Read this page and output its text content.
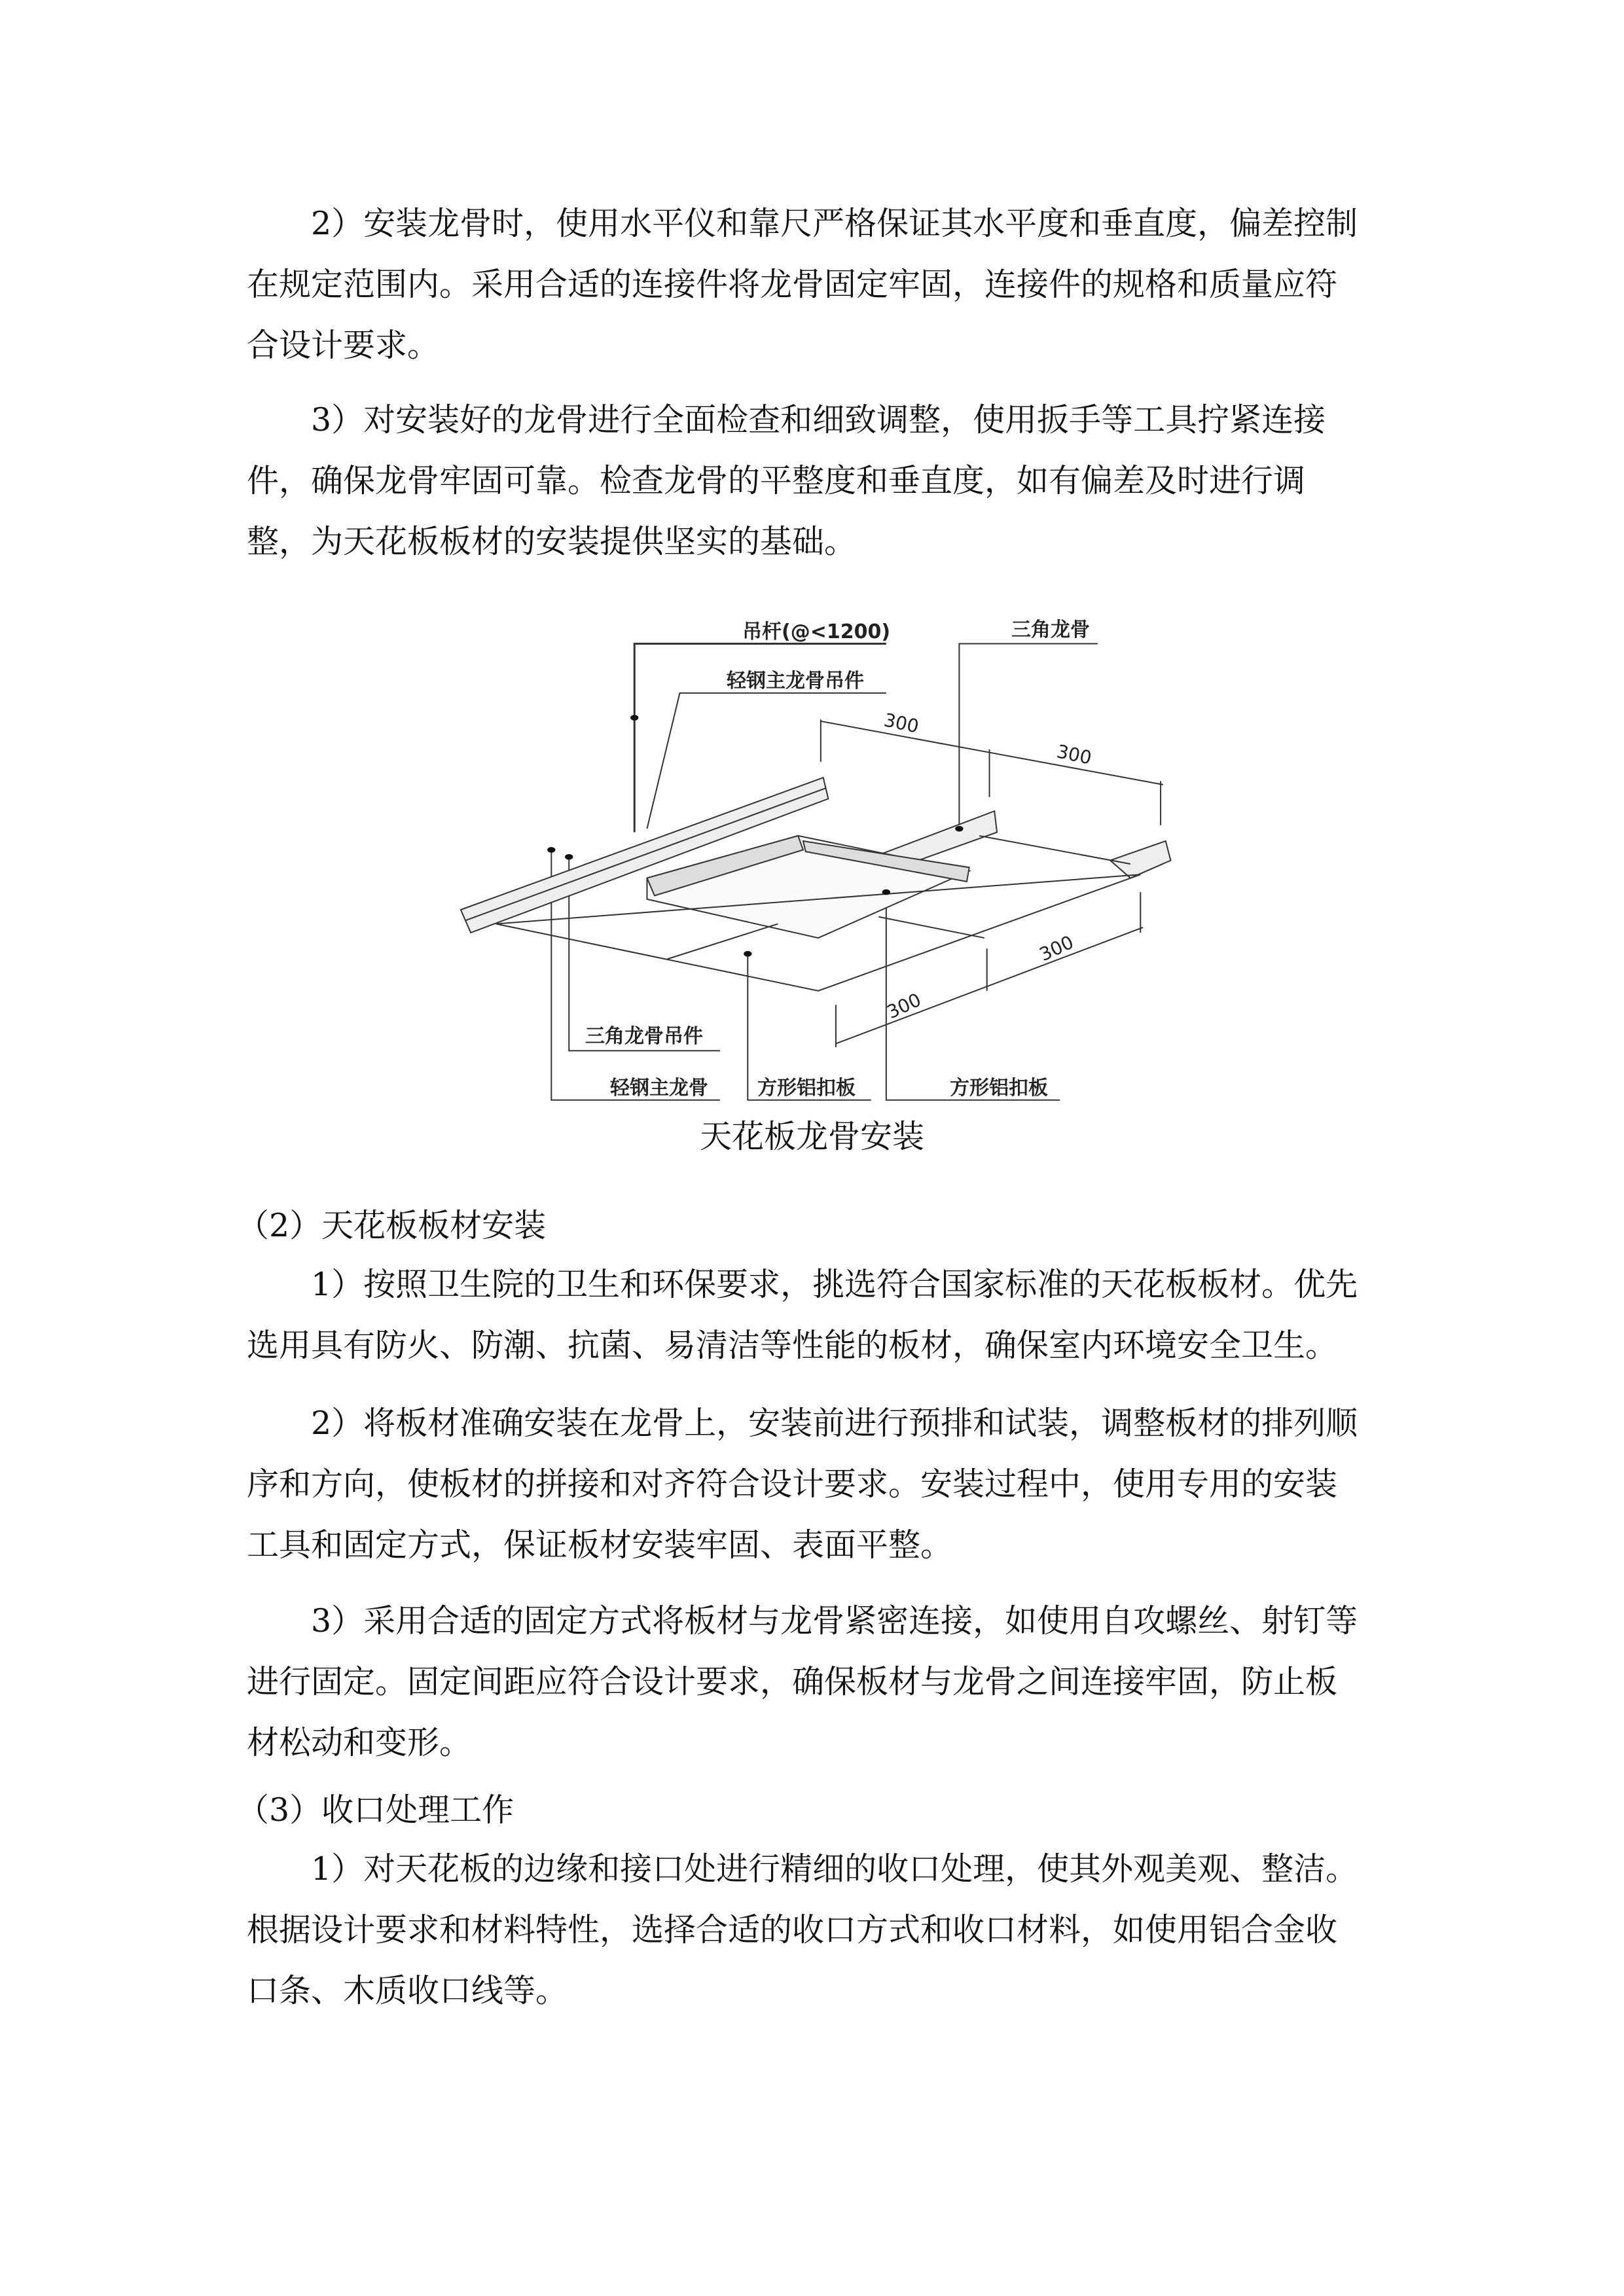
2）安装龙骨时，使用水平仪和靠尺严格保证其水平度和垂直度，偏差控制
在规定范围内。采用合适的连接件将龙骨固定牢固，连接件的规格和质量应符
合设计要求。
3）对安装好的龙骨进行全面检查和细致调整，使用扳手等工具拧紧连接
件，确保龙骨牢固可靠。检查龙骨的平整度和垂直度，如有偏差及时进行调
整，为天花板板材的安装提供坚实的基础。
吊杆(@<1200)
轻钢主龙骨吊件
三角龙骨
三角龙骨吊件
轻钢主龙骨	方形铝扣板	方形铝扣板
300
300
300
300
天花板龙骨安装
（2）天花板板材安装
1）按照卫生院的卫生和环保要求，挑选符合国家标准的天花板板材。优先
选用具有防火、防潮、抗菌、易清洁等性能的板材，确保室内环境安全卫生。
2）将板材准确安装在龙骨上，安装前进行预排和试装，调整板材的排列顺
序和方向，使板材的拼接和对齐符合设计要求。安装过程中，使用专用的安装
工具和固定方式，保证板材安装牢固、表面平整。
3）采用合适的固定方式将板材与龙骨紧密连接，如使用自攻螺丝、射钉等
进行固定。固定间距应符合设计要求，确保板材与龙骨之间连接牢固，防止板
材松动和变形。
（3）收口处理工作
1）对天花板的边缘和接口处进行精细的收口处理，使其外观美观、整洁。
根据设计要求和材料特性，选择合适的收口方式和收口材料，如使用铝合金收
口条、木质收口线等。
